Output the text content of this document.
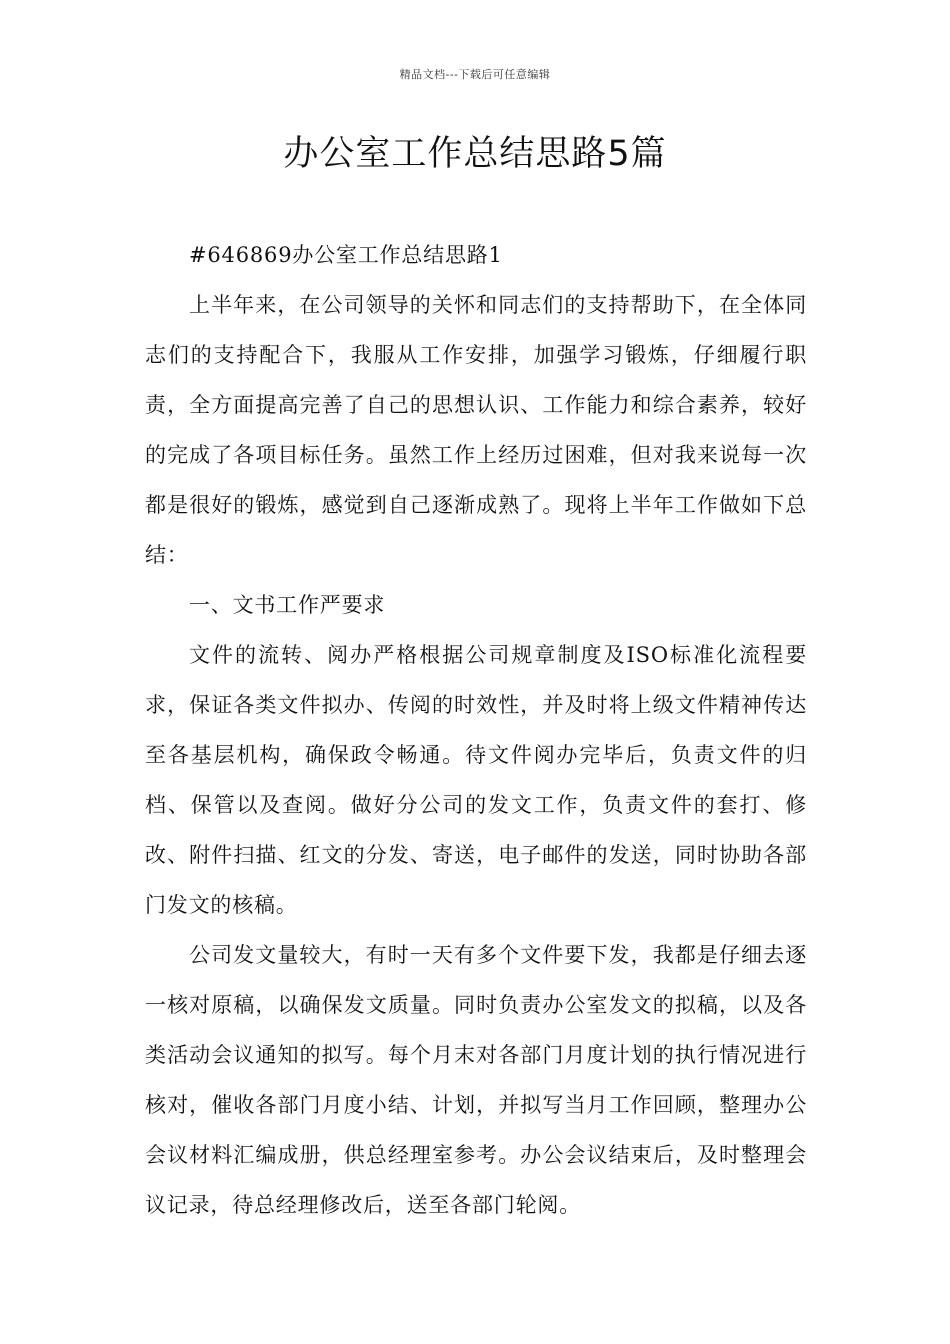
精品文档---下载后可任意编辑
办公室工作总结思路5篇

#646869办公室工作总结思路1

上半年来，在公司领导的关怀和同志们的支持帮助下，在全体同志们的支持配合下，我服从工作安排，加强学习锻炼，仔细履行职责，全方面提高完善了自己的思想认识、工作能力和综合素养，较好的完成了各项目标任务。虽然工作上经历过困难，但对我来说每一次都是很好的锻炼，感觉到自己逐渐成熟了。现将上半年工作做如下总结：

一、文书工作严要求

文件的流转、阅办严格根据公司规章制度及ISO标准化流程要求，保证各类文件拟办、传阅的时效性，并及时将上级文件精神传达至各基层机构，确保政令畅通。待文件阅办完毕后，负责文件的归档、保管以及查阅。做好分公司的发文工作，负责文件的套打、修改、附件扫描、红文的分发、寄送，电子邮件的发送，同时协助各部门发文的核稿。

公司发文量较大，有时一天有多个文件要下发，我都是仔细去逐一核对原稿，以确保发文质量。同时负责办公室发文的拟稿，以及各类活动会议通知的拟写。每个月末对各部门月度计划的执行情况进行核对，催收各部门月度小结、计划，并拟写当月工作回顾，整理办公会议材料汇编成册，供总经理室参考。办公会议结束后，及时整理会议记录，待总经理修改后，送至各部门轮阅。
